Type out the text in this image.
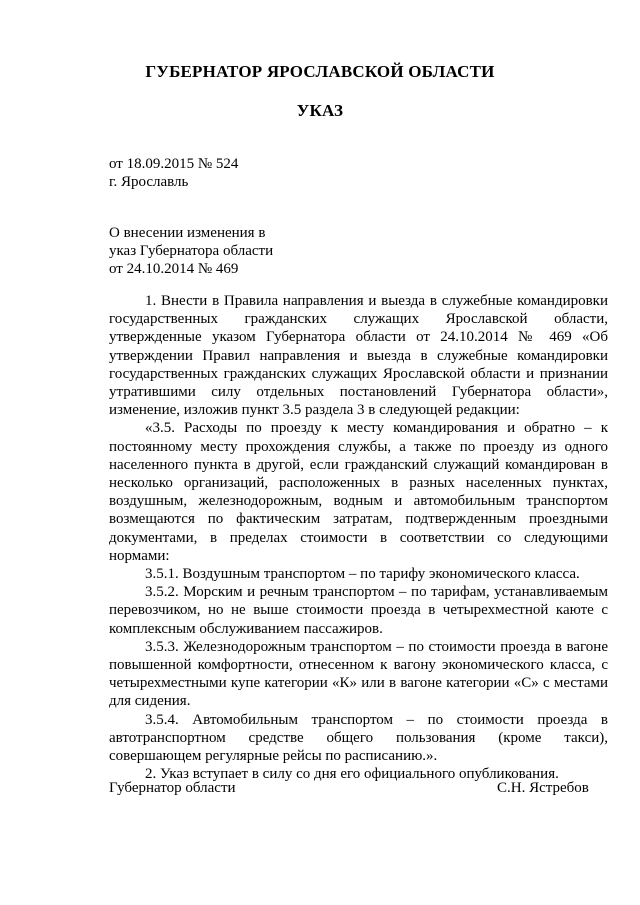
ГУБЕРНАТОР ЯРОСЛАВСКОЙ ОБЛАСТИ
УКАЗ
от 18.09.2015 № 524
г. Ярославль
О внесении изменения в
указ Губернатора области
от 24.10.2014 № 469

1. Внести в Правила направления и выезда в служебные командировки государственных гражданских служащих Ярославской области, утвержденные указом Губернатора области от 24.10.2014 № 469 «Об утверждении Правил направления и выезда в служебные командировки государственных гражданских служащих Ярославской области и признании утратившими силу отдельных постановлений Губернатора области», изменение, изложив пункт 3.5 раздела 3 в следующей редакции:

«3.5. Расходы по проезду к месту командирования и обратно – к постоянному месту прохождения службы, а также по проезду из одного населенного пункта в другой, если гражданский служащий командирован в несколько организаций, расположенных в разных населенных пунктах, воздушным, железнодорожным, водным и автомобильным транспортом возмещаются по фактическим затратам, подтвержденным проездными документами, в пределах стоимости в соответствии со следующими нормами:

3.5.1. Воздушным транспортом – по тарифу экономического класса.

3.5.2. Морским и речным транспортом – по тарифам, устанавливаемым перевозчиком, но не выше стоимости проезда в четырехместной каюте с комплексным обслуживанием пассажиров.

3.5.3. Железнодорожным транспортом – по стоимости проезда в вагоне повышенной комфортности, отнесенном к вагону экономического класса, с четырехместными купе категории «К» или в вагоне категории «С» с местами для сидения.

3.5.4. Автомобильным транспортом – по стоимости проезда в автотранспортном средстве общего пользования (кроме такси), совершающем регулярные рейсы по расписанию.».

2. Указ вступает в силу со дня его официального опубликования.

Губернатор области	С.Н. Ястребов
